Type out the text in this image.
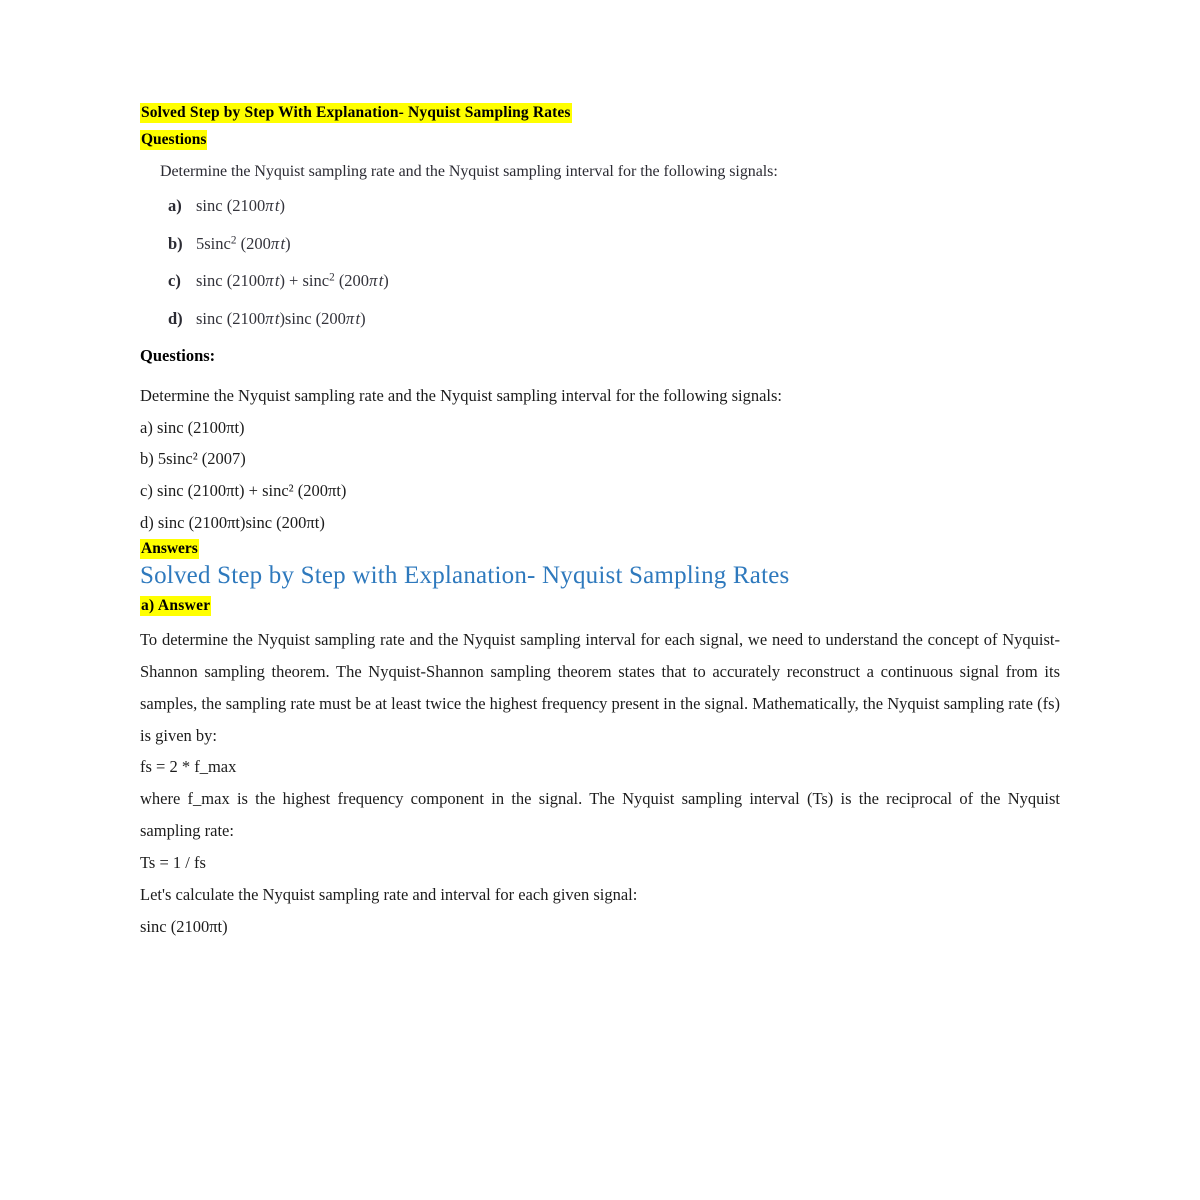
Solved Step by Step With Explanation- Nyquist Sampling Rates

Questions

Determine the Nyquist sampling rate and the Nyquist sampling interval for the following signals:

a) sinc (2100π t)

b) 5sinc$^2$ (200π t)

c) sinc (2100π t) + sinc$^2$ (200π t)

d) sinc (2100π t)sinc (200π t)

Questions:

Determine the Nyquist sampling rate and the Nyquist sampling interval for the following signals:

a) sinc (2100πt)

b) 5sinc² (2007)

c) sinc (2100πt) + sinc² (200πt)

d) sinc (2100πt)sinc (200πt)

Answers

Solved Step by Step with Explanation- Nyquist Sampling Rates

a) Answer

To determine the Nyquist sampling rate and the Nyquist sampling interval for each signal, we need to understand the concept of Nyquist-Shannon sampling theorem. The Nyquist-Shannon sampling theorem states that to accurately reconstruct a continuous signal from its samples, the sampling rate must be at least twice the highest frequency present in the signal. Mathematically, the Nyquist sampling rate (fs) is given by:

fs = 2 * f_max

where f_max is the highest frequency component in the signal. The Nyquist sampling interval (Ts) is the reciprocal of the Nyquist sampling rate:

Ts = 1 / fs

Let's calculate the Nyquist sampling rate and interval for each given signal:

sinc (2100πt)
